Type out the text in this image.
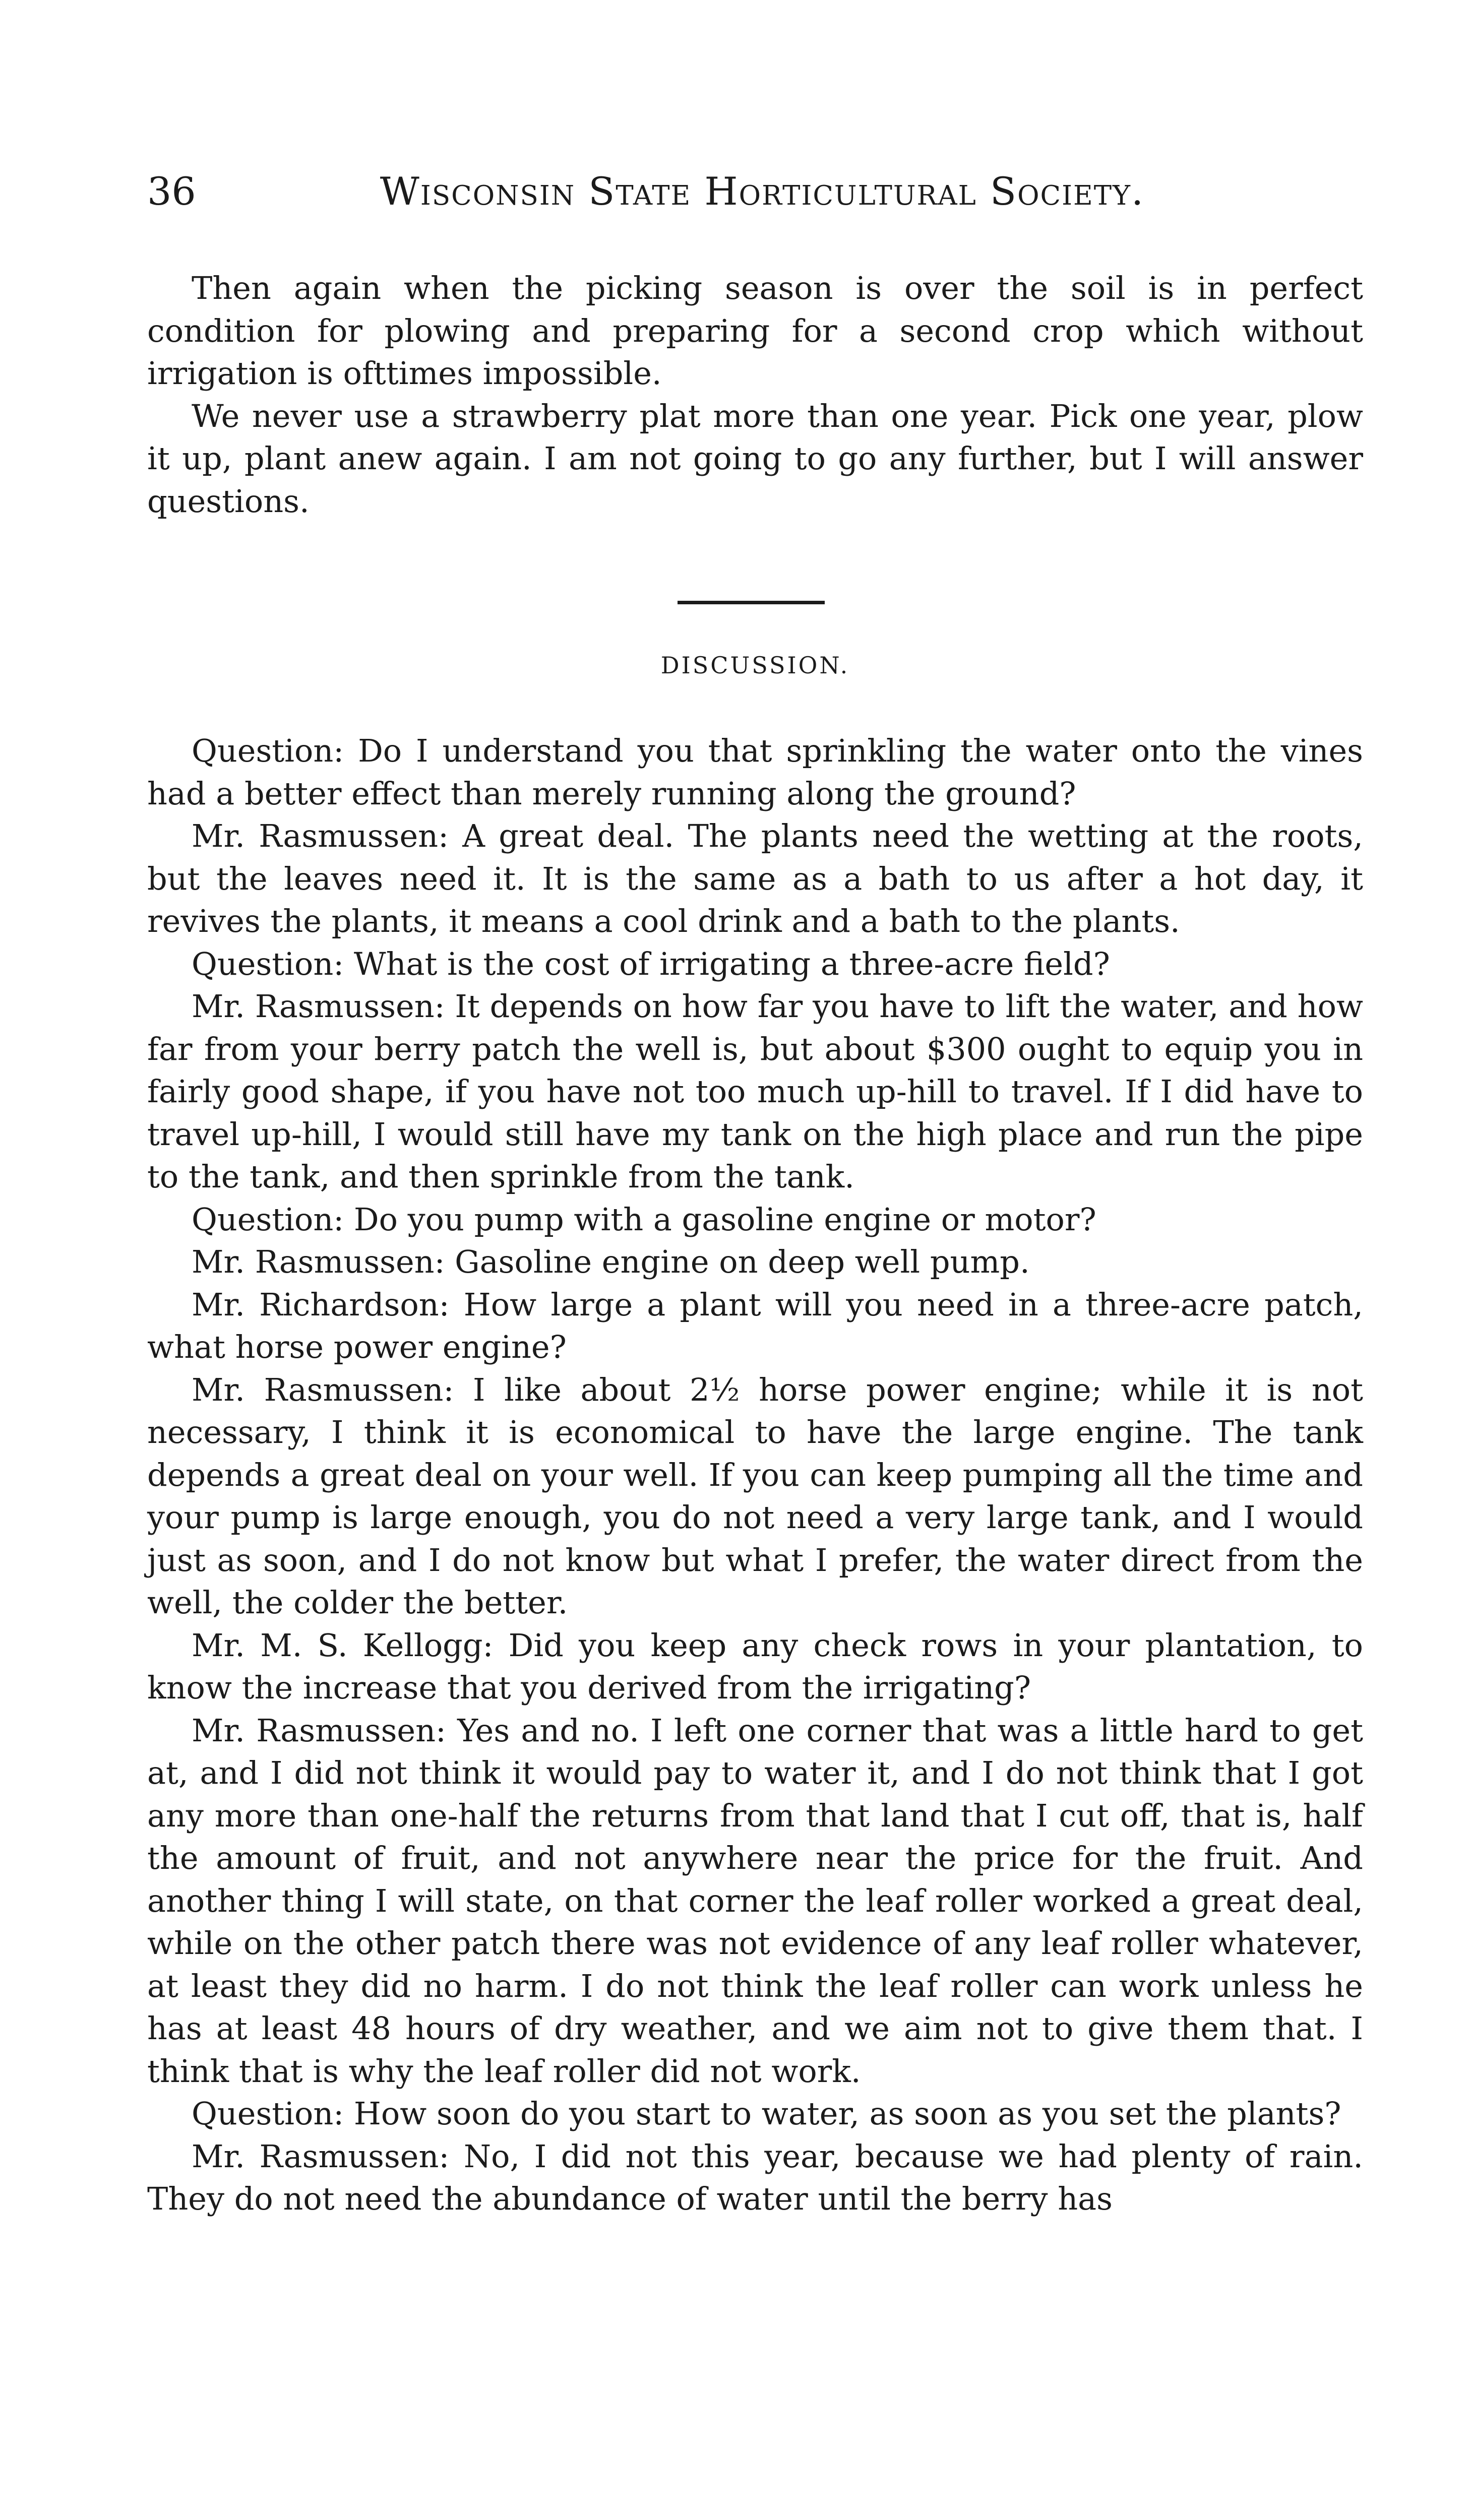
36	Wisconsin State Horticultural Society.

Then again when the picking season is over the soil is in perfect condition for plowing and preparing for a second crop which without irrigation is ofttimes impossible.

We never use a strawberry plat more than one year. Pick one year, plow it up, plant anew again. I am not going to go any further, but I will answer questions.

DISCUSSION.

Question: Do I understand you that sprinkling the water onto the vines had a better effect than merely running along the ground?

Mr. Rasmussen: A great deal. The plants need the wetting at the roots, but the leaves need it. It is the same as a bath to us after a hot day, it revives the plants, it means a cool drink and a bath to the plants.

Question: What is the cost of irrigating a three-acre field?

Mr. Rasmussen: It depends on how far you have to lift the water, and how far from your berry patch the well is, but about $300 ought to equip you in fairly good shape, if you have not too much up-hill to travel. If I did have to travel up-hill, I would still have my tank on the high place and run the pipe to the tank, and then sprinkle from the tank.

Question: Do you pump with a gasoline engine or motor?

Mr. Rasmussen: Gasoline engine on deep well pump.

Mr. Richardson: How large a plant will you need in a three-acre patch, what horse power engine?

Mr. Rasmussen: I like about 2½ horse power engine; while it is not necessary, I think it is economical to have the large engine. The tank depends a great deal on your well. If you can keep pumping all the time and your pump is large enough, you do not need a very large tank, and I would just as soon, and I do not know but what I prefer, the water direct from the well, the colder the better.

Mr. M. S. Kellogg: Did you keep any check rows in your plantation, to know the increase that you derived from the irrigating?

Mr. Rasmussen: Yes and no. I left one corner that was a little hard to get at, and I did not think it would pay to water it, and I do not think that I got any more than one-half the returns from that land that I cut off, that is, half the amount of fruit, and not anywhere near the price for the fruit. And another thing I will state, on that corner the leaf roller worked a great deal, while on the other patch there was not evidence of any leaf roller whatever, at least they did no harm. I do not think the leaf roller can work unless he has at least 48 hours of dry weather, and we aim not to give them that. I think that is why the leaf roller did not work.

Question: How soon do you start to water, as soon as you set the plants?

Mr. Rasmussen: No, I did not this year, because we had plenty of rain. They do not need the abundance of water until the berry has
